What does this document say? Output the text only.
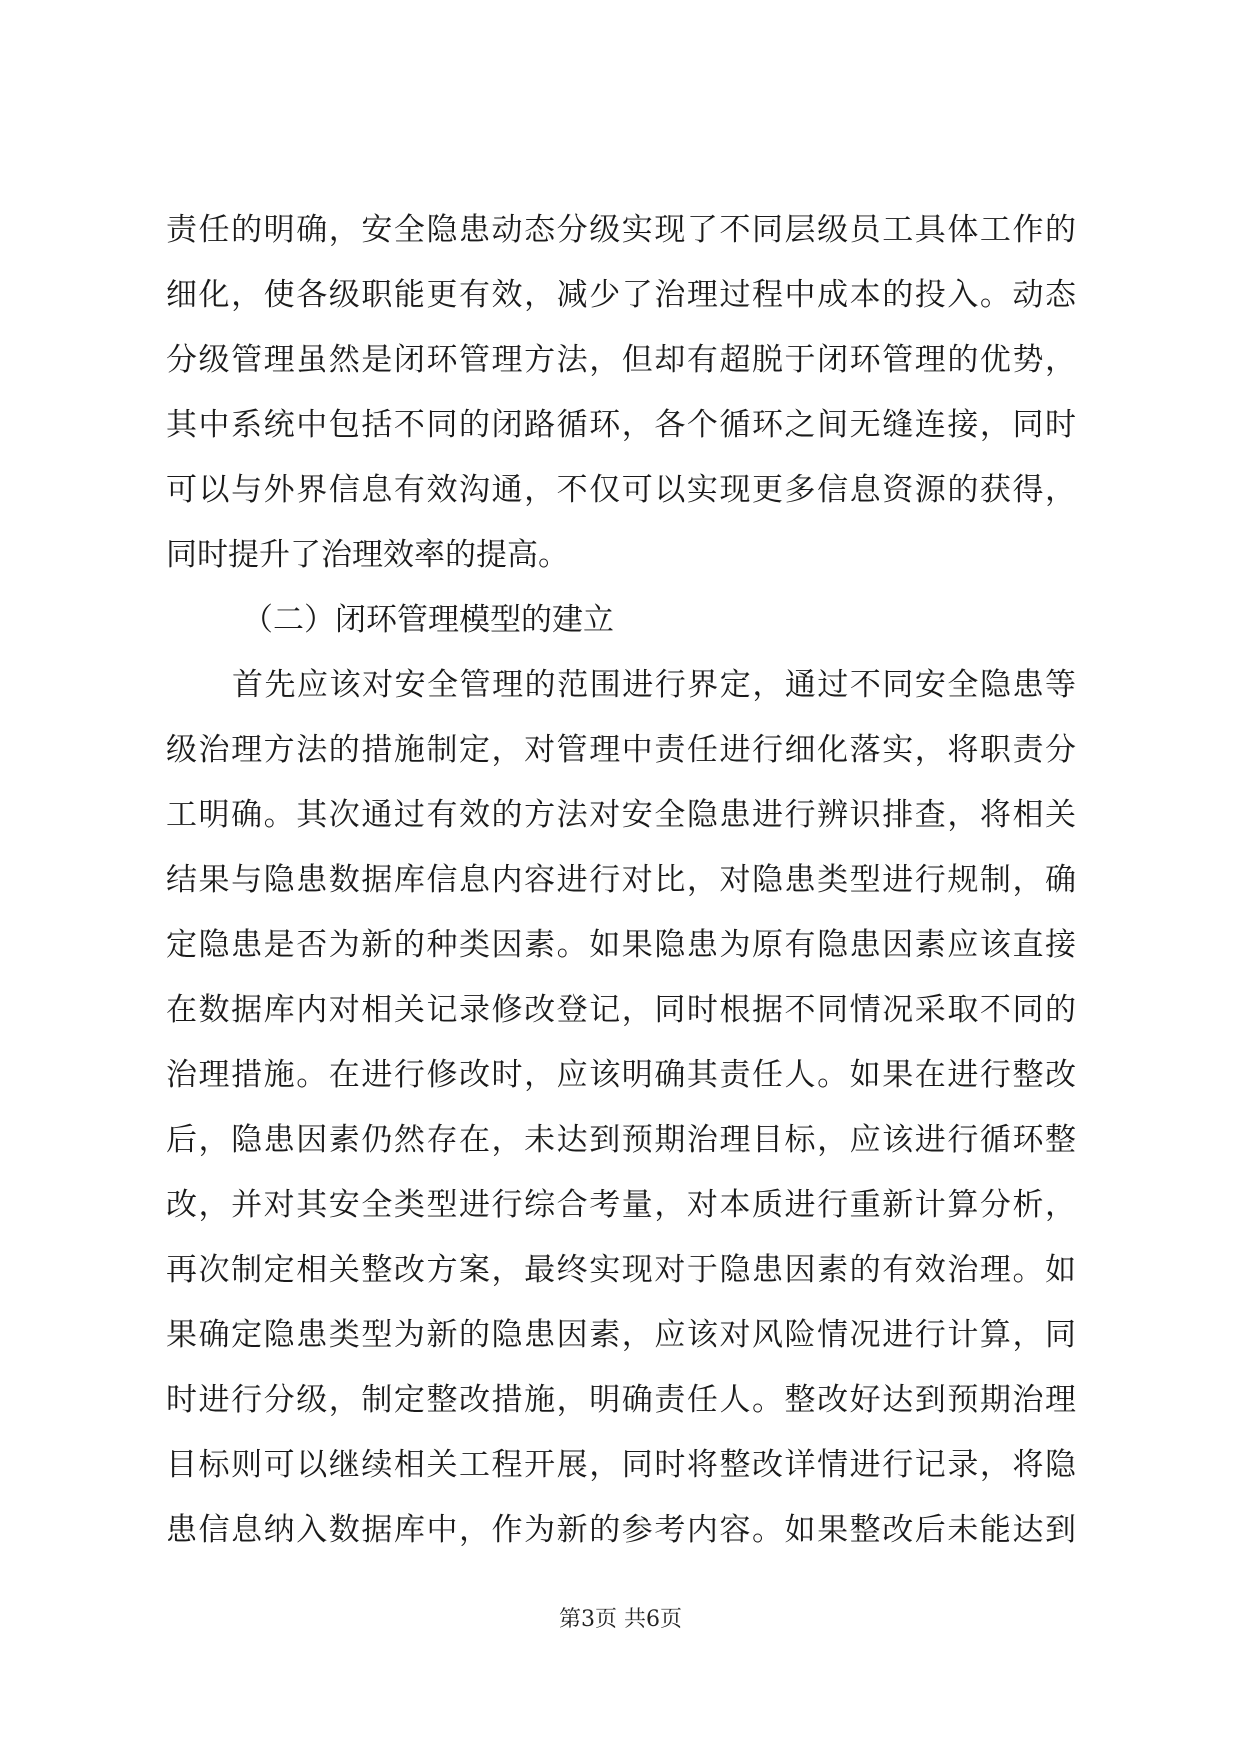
责任的明确，安全隐患动态分级实现了不同层级员工具体工作的
细化，使各级职能更有效，减少了治理过程中成本的投入。动态
分级管理虽然是闭环管理方法，但却有超脱于闭环管理的优势，
其中系统中包括不同的闭路循环，各个循环之间无缝连接，同时
可以与外界信息有效沟通，不仅可以实现更多信息资源的获得，
同时提升了治理效率的提高。
（二）闭环管理模型的建立
首先应该对安全管理的范围进行界定，通过不同安全隐患等
级治理方法的措施制定，对管理中责任进行细化落实，将职责分
工明确。其次通过有效的方法对安全隐患进行辨识排查，将相关
结果与隐患数据库信息内容进行对比，对隐患类型进行规制，确
定隐患是否为新的种类因素。如果隐患为原有隐患因素应该直接
在数据库内对相关记录修改登记，同时根据不同情况采取不同的
治理措施。在进行修改时，应该明确其责任人。如果在进行整改
后，隐患因素仍然存在，未达到预期治理目标，应该进行循环整
改，并对其安全类型进行综合考量，对本质进行重新计算分析，
再次制定相关整改方案，最终实现对于隐患因素的有效治理。如
果确定隐患类型为新的隐患因素，应该对风险情况进行计算，同
时进行分级，制定整改措施，明确责任人。整改好达到预期治理
目标则可以继续相关工程开展，同时将整改详情进行记录，将隐
患信息纳入数据库中，作为新的参考内容。如果整改后未能达到
第3页 共6页
